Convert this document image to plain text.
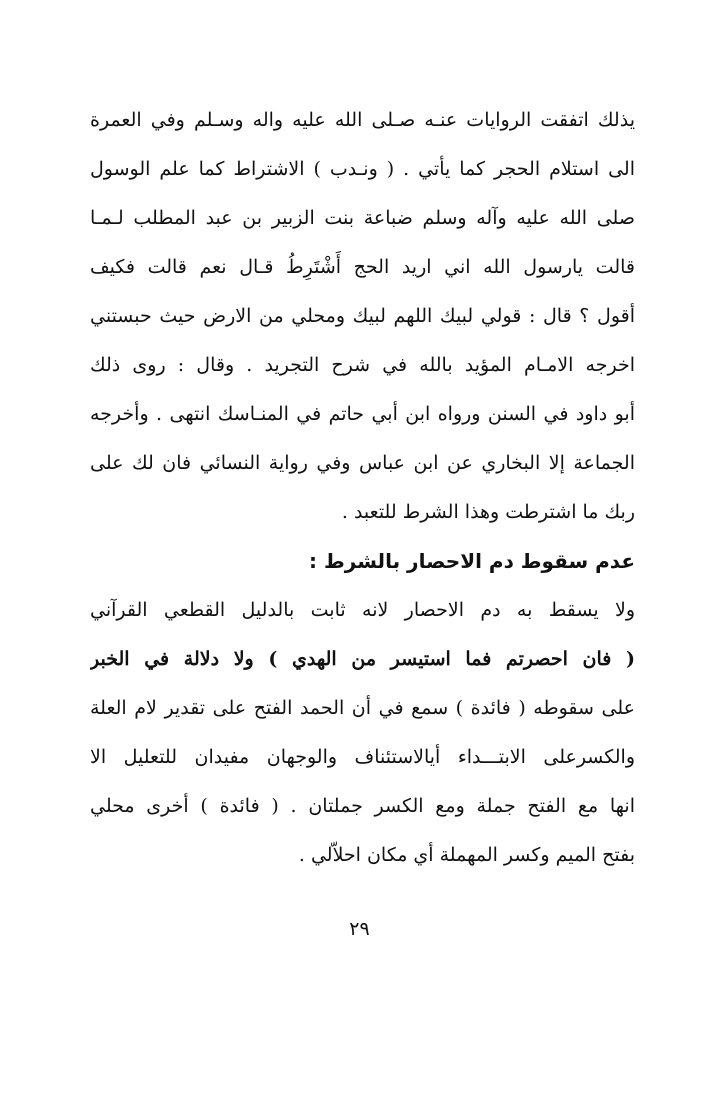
يذلك اتفقت الروايات عنـه صـلى الله عليه واله وسـلم وفي العمرة
الى استلام الحجر كما يأتي . ( ونـدب ) الاشتراط كما علم الوسول
صلى الله عليه وآله وسلم ضباعة بنت الزبير بن عبد المطلب لـمـا
قالت يارسول الله اني اريد الحج أَشْتَرِطُ قـال نعم قالت فكيف
أقول ؟ قال : قولي لبيك اللهم لبيك ومحلي من الارض حيث حبستني
اخرجه الامـام المؤيد بالله في شرح التجريد . وقال : روى ذلك
أبو داود في السنن ورواه ابن أبي حاتم في المنـاسك انتهى . وأخرجه
الجماعة إلا البخاري عن ابن عباس وفي رواية النسائي فان لك على
ربك ما اشترطت وهذا الشرط للتعبد .
عدم سقوط دم الاحصار بالشرط :
ولا يسقط به دم الاحصار لانه ثابت بالدليل القطعي القرآني
( فان احصرتم فما استيسر من الهدي ) ولا دلالة في الخبر
على سقوطه ( فائدة ) سمع في أن الحمد الفتح على تقدير لام العلة
والكسرعلى الابتـــداء أيالاستئناف والوجهان مفيدان للتعليل الا
انها مع الفتح جملة ومع الكسر جملتان . ( فائدة ) أخرى محلي
بفتح الميم وكسر المهملة أي مكان احلاّلي .
٢٩
